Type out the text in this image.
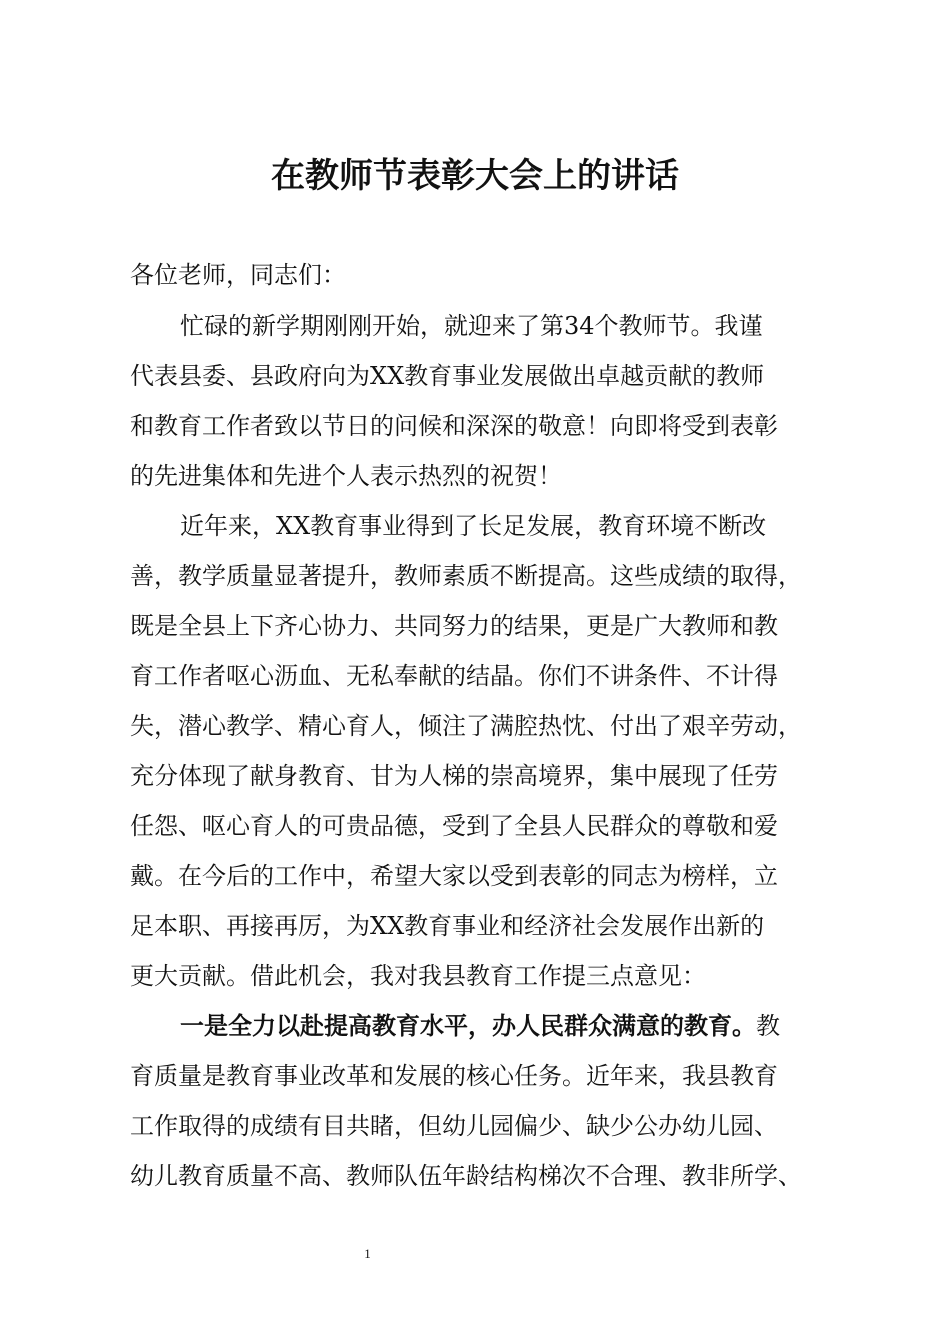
在教师节表彰大会上的讲话
各位老师，同志们：
忙碌的新学期刚刚开始，就迎来了第34个教师节。我谨
代表县委、县政府向为XX教育事业发展做出卓越贡献的教师
和教育工作者致以节日的问候和深深的敬意！向即将受到表彰
的先进集体和先进个人表示热烈的祝贺！
近年来，XX教育事业得到了长足发展，教育环境不断改
善，教学质量显著提升，教师素质不断提高。这些成绩的取得，
既是全县上下齐心协力、共同努力的结果，更是广大教师和教
育工作者呕心沥血、无私奉献的结晶。你们不讲条件、不计得
失，潜心教学、精心育人，倾注了满腔热忱、付出了艰辛劳动，
充分体现了献身教育、甘为人梯的崇高境界，集中展现了任劳
任怨、呕心育人的可贵品德，受到了全县人民群众的尊敬和爱
戴。在今后的工作中，希望大家以受到表彰的同志为榜样，立
足本职、再接再厉，为XX教育事业和经济社会发展作出新的
更大贡献。借此机会，我对我县教育工作提三点意见：
一是全力以赴提高教育水平，办人民群众满意的教育。教
育质量是教育事业改革和发展的核心任务。近年来，我县教育
工作取得的成绩有目共睹，但幼儿园偏少、缺少公办幼儿园、
幼儿教育质量不高、教师队伍年龄结构梯次不合理、教非所学、
1
